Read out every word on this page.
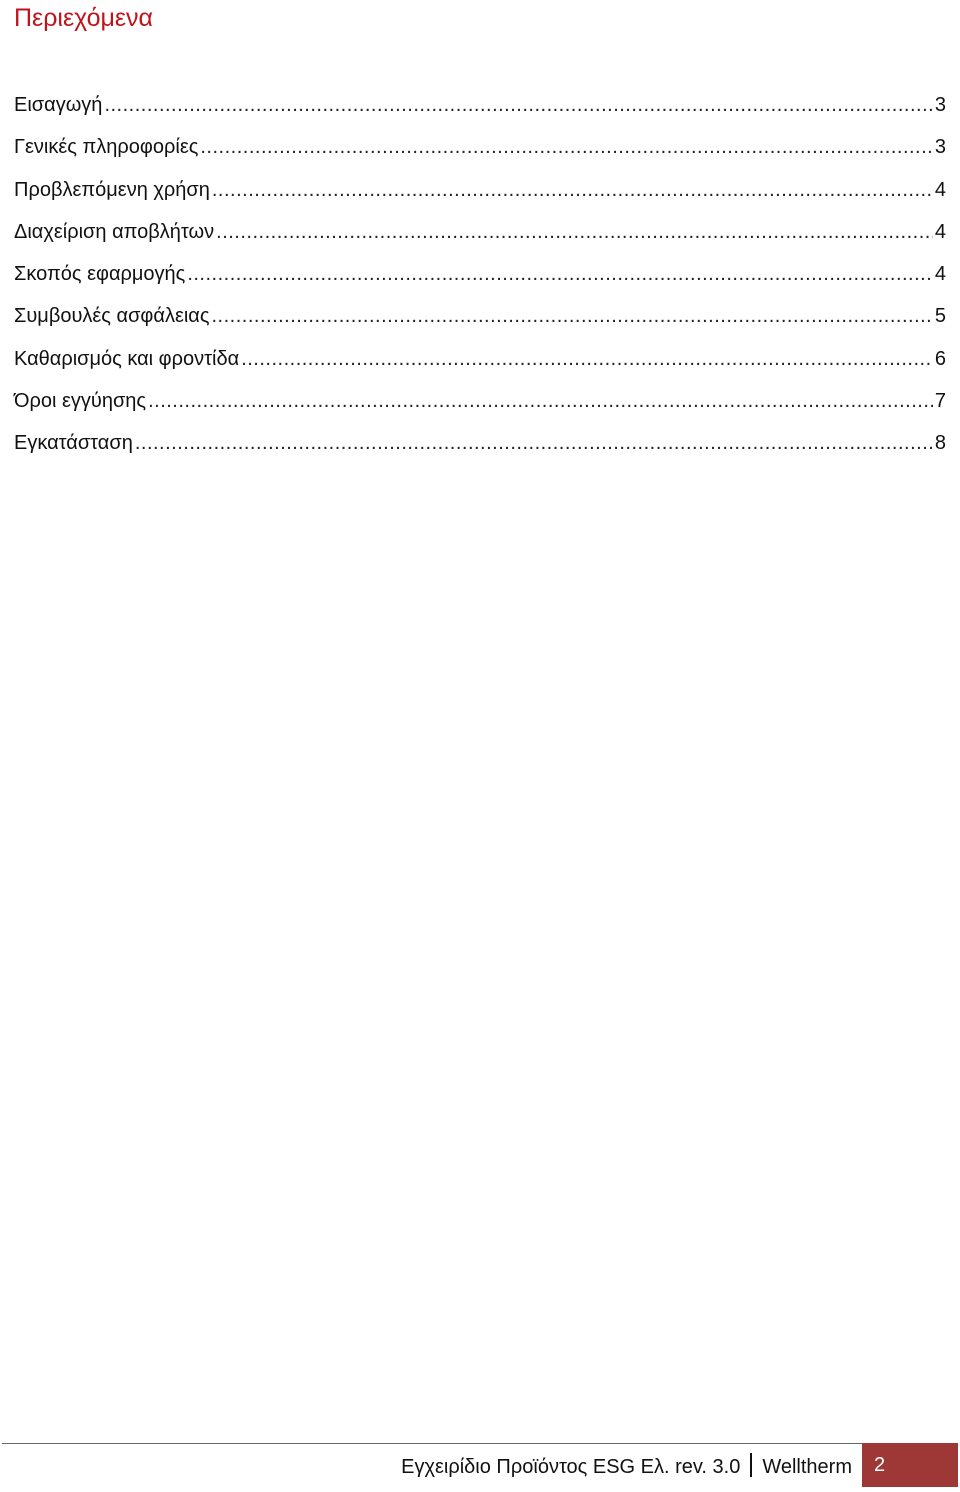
Περιεχόμενα
Εισαγωγή .....	3
Γενικές πληροφορίες .....	3
Προβλεπόμενη χρήση .....	4
Διαχείριση αποβλήτων .....	4
Σκοπός εφαρμογής .....	4
Συμβουλές ασφάλειας .....	5
Καθαρισμός και φροντίδα .....	6
Όροι εγγύησης .....	7
Εγκατάσταση .....	8
Εγχειρίδιο Προϊόντος ESG Ελ. rev. 3.0 Welltherm	2
